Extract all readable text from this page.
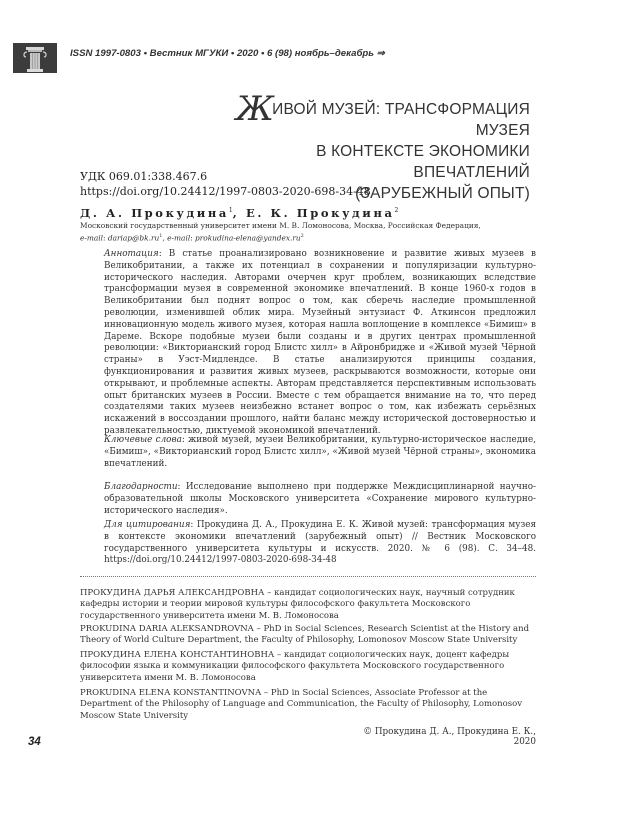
ISSN 1997-0803 • Вестник МГУКИ • 2020 • 6 (98) ноябрь–декабрь ⇒
ЖИВОЙ МУЗЕЙ: ТРАНСФОРМАЦИЯ МУЗЕЯ
В КОНТЕКСТЕ ЭКОНОМИКИ ВПЕЧАТЛЕНИЙ
(ЗАРУБЕЖНЫЙ ОПЫТ)
УДК 069.01:338.467.6
https://doi.org/10.24412/1997-0803-2020-698-34-48
Д. А. Прокудина$^1$, Е. К. Прокудина$^2$
Московский государственный университет имени М. В. Ломоносова, Москва, Российская Федерация,
e-mail: $dariap@bk.ru^1$, e-mail: prokudina-$elena@yandex.ru^2$
Аннотация: В статье проанализировано возникновение и развитие живых музеев в Великобритании, а также их потенциал в сохранении и популяризации культурно-исторического наследия. Авторами очерчен круг проблем, возникающих вследствие трансформации музея в современной экономике впечатлений. В конце 1960-х годов в Великобритании был поднят вопрос о том, как сберечь наследие промышленной революции, изменившей облик мира. Музейный энтузиаст Ф. Аткинсон предложил инновационную модель живого музея, которая нашла воплощение в комплексе «Бимиш» в Дареме. Вскоре подобные музеи были созданы и в других центрах промышленной революции: «Викторианский город Блистс хилл» в Айронбридже и «Живой музей Чёрной страны» в Уэст-Мидлендсе. В статье анализируются принципы создания, функционирования и развития живых музеев, раскрываются возможности, которые они открывают, и проблемные аспекты. Авторам представляется перспективным использовать опыт британских музеев в России. Вместе с тем обращается внимание на то, что перед создателями таких музеев неизбежно встанет вопрос о том, как избежать серьёзных искажений в воссоздании прошлого, найти баланс между исторической достоверностью и развлекательностью, диктуемой экономикой впечатлений.
Ключевые слова: живой музей, музеи Великобритании, культурно-историческое наследие, «Бимиш», «Викторианский город Блистс хилл», «Живой музей Чёрной страны», экономика впечатлений.
Благодарности: Исследование выполнено при поддержке Междисциплинарной научно-образовательной школы Московского университета «Сохранение мирового культурно-исторического наследия».
Для цитирования: Прокудина Д. А., Прокудина Е. К. Живой музей: трансформация музея в контексте экономики впечатлений (зарубежный опыт) // Вестник Московского государственного университета культуры и искусств. 2020. № 6 (98). С. 34–48. https://doi.org/10.24412/1997-0803-2020-698-34-48
ПРОКУДИНА ДАРЬЯ АЛЕКСАНДРОВНА – кандидат социологических наук, научный сотрудник кафедры истории и теории мировой культуры философского факультета Московского государственного университета имени М. В. Ломоносова
PROKUDINA DARIA ALEKSANDROVNA – PhD in Social Sciences, Research Scientist at the History and Theory of World Culture Department, the Faculty of Philosophy, Lomonosov Moscow State University
ПРОКУДИНА ЕЛЕНА КОНСТАНТИНОВНА – кандидат социологических наук, доцент кафедры философии языка и коммуникации философского факультета Московского государственного университета имени М. В. Ломоносова
PROKUDINA ELENA KONSTANTINOVNA – PhD in Social Sciences, Associate Professor at the Department of the Philosophy of Language and Communication, the Faculty of Philosophy, Lomonosov Moscow State University
34
© Прокудина Д. А., Прокудина Е. К., 2020
